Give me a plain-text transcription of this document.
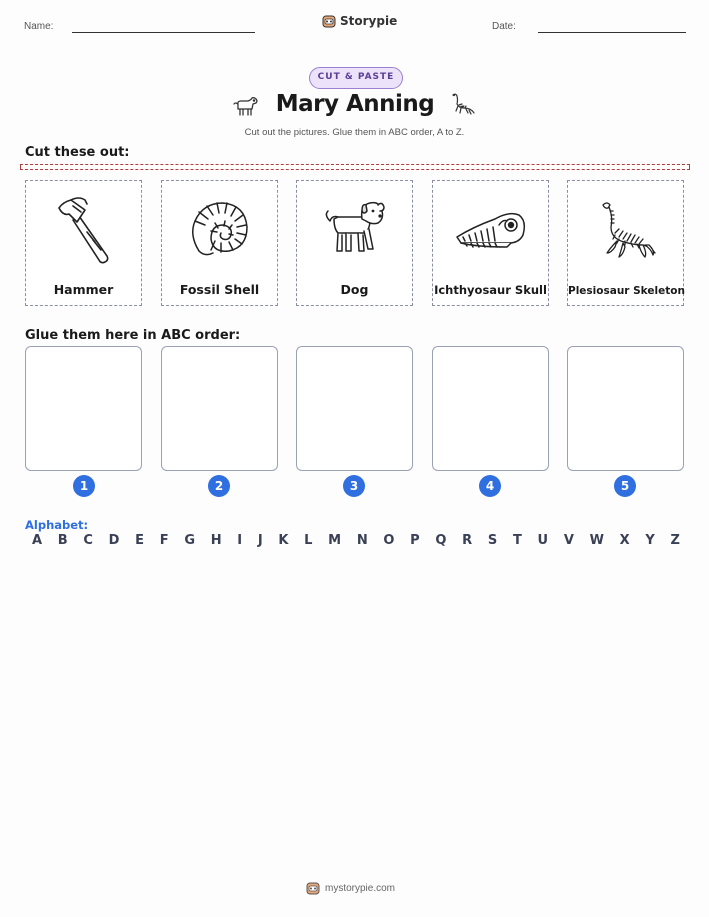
Name:	Storypie	Date:
CUT & PASTE
Mary Anning
Cut out the pictures. Glue them in ABC order, A to Z.
Cut these out:
Hammer	Fossil Shell	Dog	Ichthyosaur Skull Plesiosaur Skeleton
Glue them here in ABC order:
1	2	3	4	5
Alphabet:
A B C D E F G H I J K L M N O P Q R S T U V W X Y Z
mystorypie.com
